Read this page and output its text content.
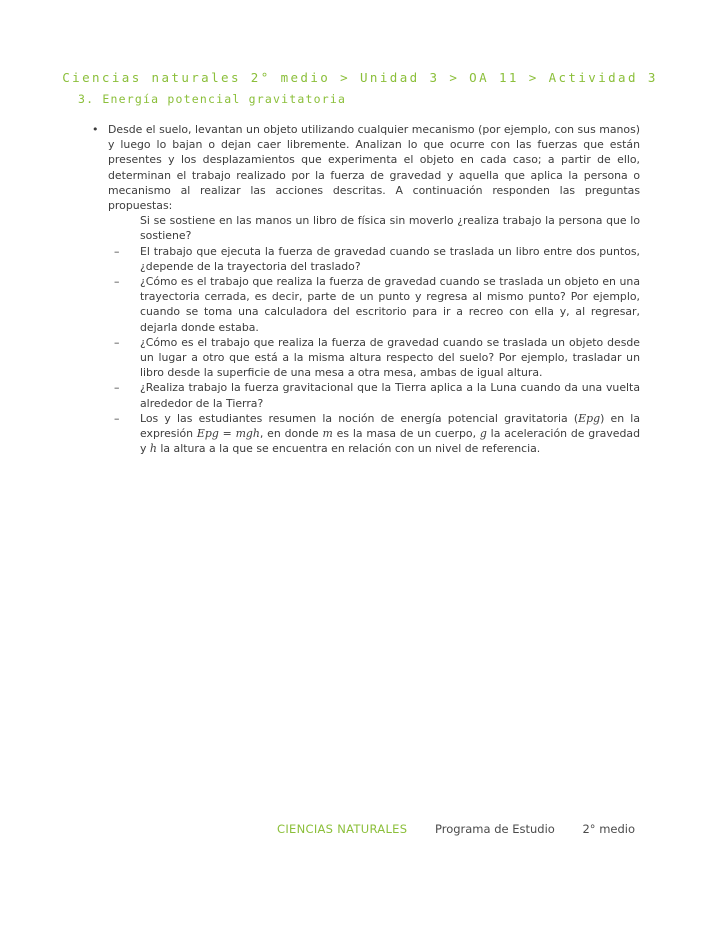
Ciencias naturales 2° medio > Unidad 3 > OA 11 > Actividad 3
3. Energía potencial gravitatoria
• Desde el suelo, levantan un objeto utilizando cualquier mecanismo (por ejemplo, con sus manos) y luego lo bajan o dejan caer libremente. Analizan lo que ocurre con las fuerzas que están presentes y los desplazamientos que experimenta el objeto en cada caso; a partir de ello, determinan el trabajo realizado por la fuerza de gravedad y aquella que aplica la persona o mecanismo al realizar las acciones descritas. A continuación responden las preguntas propuestas:
Si se sostiene en las manos un libro de física sin moverlo ¿realiza trabajo la persona que lo sostiene?
–	El trabajo que ejecuta la fuerza de gravedad cuando se traslada un libro entre dos puntos, ¿depende de la trayectoria del traslado?
–	¿Cómo es el trabajo que realiza la fuerza de gravedad cuando se traslada un objeto en una trayectoria cerrada, es decir, parte de un punto y regresa al mismo punto? Por ejemplo, cuando se toma una calculadora del escritorio para ir a recreo con ella y, al regresar, dejarla donde estaba.
–	¿Cómo es el trabajo que realiza la fuerza de gravedad cuando se traslada un objeto desde un lugar a otro que está a la misma altura respecto del suelo? Por ejemplo, trasladar un libro desde la superficie de una mesa a otra mesa, ambas de igual altura.
–	¿Realiza trabajo la fuerza gravitacional que la Tierra aplica a la Luna cuando da una vuelta alrededor de la Tierra?
–	Los y las estudiantes resumen la noción de energía potencial gravitatoria (Epg) en la expresión Epg = mgh, en donde m es la masa de un cuerpo, g la aceleración de gravedad y h la altura a la que se encuentra en relación con un nivel de referencia.
CIENCIAS NATURALES Programa de Estudio 2° medio
